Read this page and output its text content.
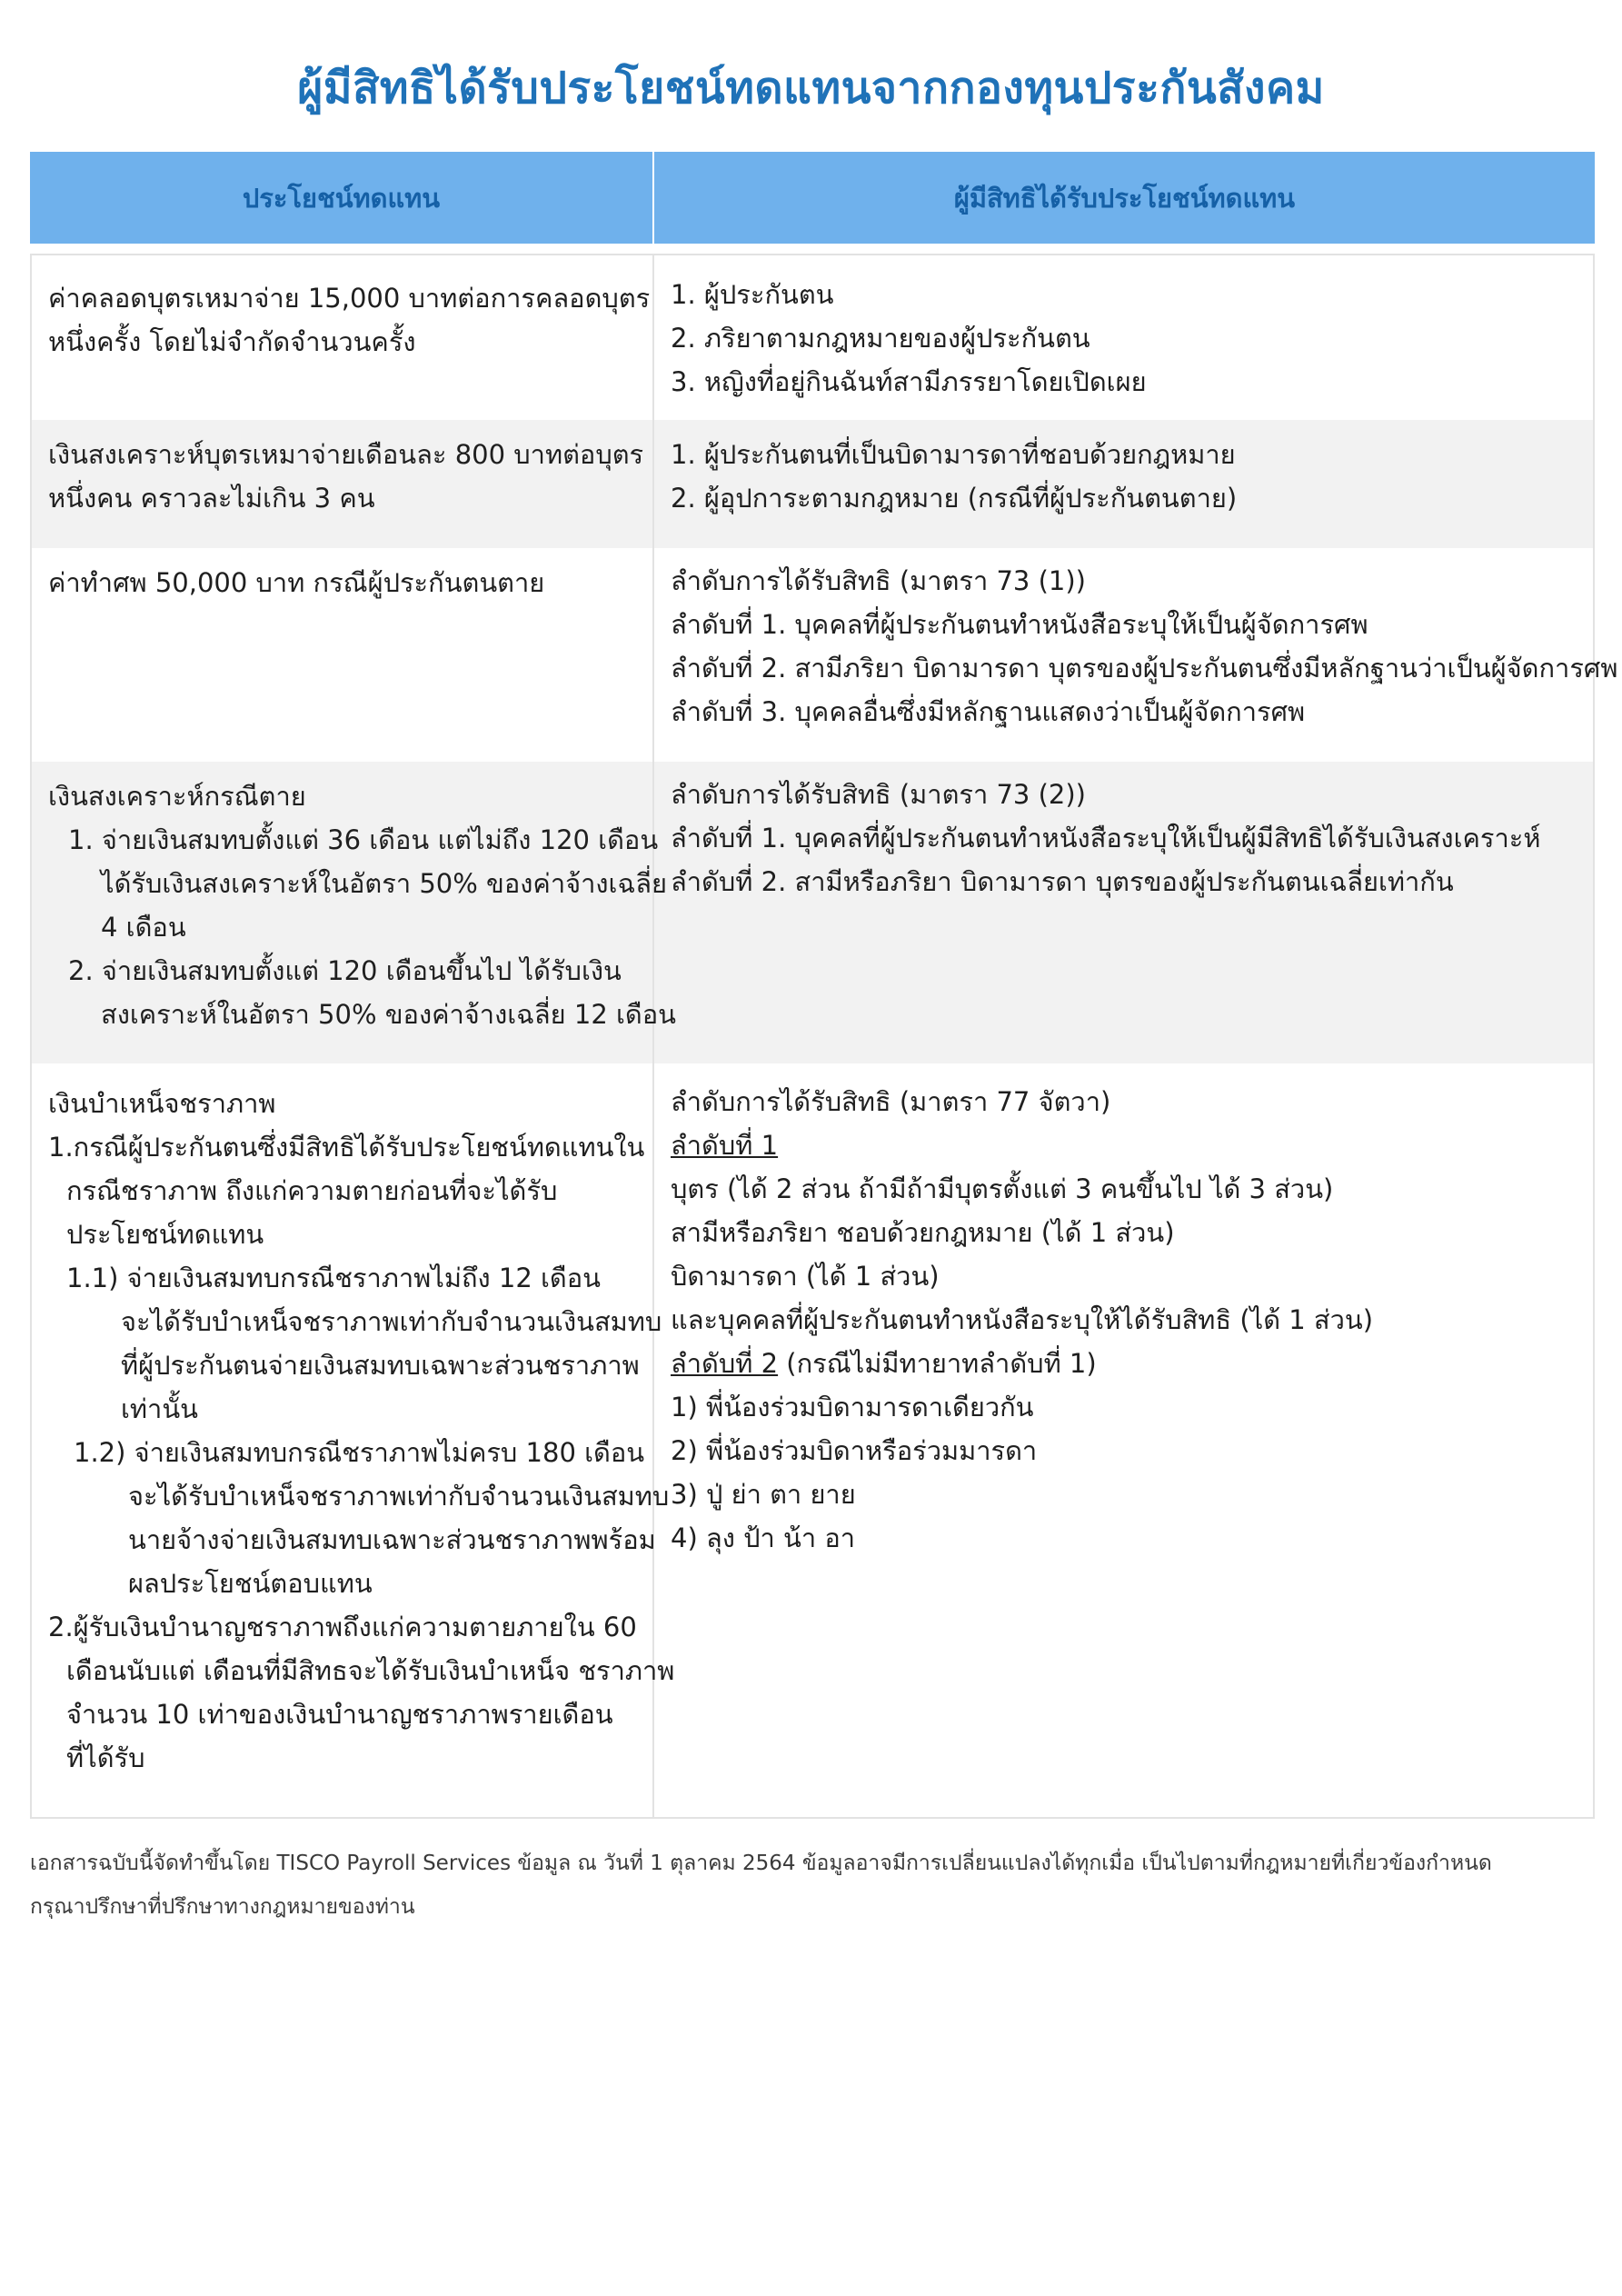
ผู้มีสิทธิได้รับประโยชน์ทดแทนจากกองทุนประกันสังคม
ประโยชน์ทดแทน	ผู้มีสิทธิได้รับประโยชน์ทดแทน
ค่าคลอดบุตรเหมาจ่าย 15,000 บาทต่อการคลอดบุตร
หนึ่งครั้ง โดยไม่จำกัดจำนวนครั้ง
1. ผู้ประกันตน
2. ภริยาตามกฎหมายของผู้ประกันตน
3. หญิงที่อยู่กินฉันท์สามีภรรยาโดยเปิดเผย
เงินสงเคราะห์บุตรเหมาจ่ายเดือนละ 800 บาทต่อบุตร
หนึ่งคน คราวละไม่เกิน 3 คน
1. ผู้ประกันตนที่เป็นบิดามารดาที่ชอบด้วยกฎหมาย
2. ผู้อุปการะตามกฎหมาย (กรณีที่ผู้ประกันตนตาย)
ค่าทำศพ 50,000 บาท กรณีผู้ประกันตนตาย	ลำดับการได้รับสิทธิ (มาตรา 73 (1))
ลำดับที่ 1. บุคคลที่ผู้ประกันตนทำหนังสือระบุให้เป็นผู้จัดการศพ
ลำดับที่ 2. สามีภริยา บิดามารดา บุตรของผู้ประกันตนซึ่งมีหลักฐานว่าเป็นผู้จัดการศพ
ลำดับที่ 3. บุคคลอื่นซึ่งมีหลักฐานแสดงว่าเป็นผู้จัดการศพ
เงินสงเคราะห์กรณีตาย
1. จ่ายเงินสมทบตั้งแต่ 36 เดือน แต่ไม่ถึง 120 เดือน
ได้รับเงินสงเคราะห์ในอัตรา 50% ของค่าจ้างเฉลี่ย
4 เดือน
2. จ่ายเงินสมทบตั้งแต่ 120 เดือนขึ้นไป ได้รับเงิน
สงเคราะห์ในอัตรา 50% ของค่าจ้างเฉลี่ย 12 เดือน
ลำดับการได้รับสิทธิ (มาตรา 73 (2))
ลำดับที่ 1. บุคคลที่ผู้ประกันตนทำหนังสือระบุให้เป็นผู้มีสิทธิได้รับเงินสงเคราะห์
ลำดับที่ 2. สามีหรือภริยา บิดามารดา บุตรของผู้ประกันตนเฉลี่ยเท่ากัน
เงินบำเหน็จชราภาพ
1.กรณีผู้ประกันตนซึ่งมีสิทธิได้รับประโยชน์ทดแทนใน
กรณีชราภาพ ถึงแก่ความตายก่อนที่จะได้รับ
ประโยชน์ทดแทน
1.1) จ่ายเงินสมทบกรณีชราภาพไม่ถึง 12 เดือน
จะได้รับบำเหน็จชราภาพเท่ากับจำนวนเงินสมทบ
ที่ผู้ประกันตนจ่ายเงินสมทบเฉพาะส่วนชราภาพ
เท่านั้น
1.2) จ่ายเงินสมทบกรณีชราภาพไม่ครบ 180 เดือน
จะได้รับบำเหน็จชราภาพเท่ากับจำนวนเงินสมทบ
นายจ้างจ่ายเงินสมทบเฉพาะส่วนชราภาพพร้อม
ผลประโยชน์ตอบแทน
2.ผู้รับเงินบำนาญชราภาพถึงแก่ความตายภายใน 60
เดือนนับแต่ เดือนที่มีสิทธจะได้รับเงินบำเหน็จ ชราภาพ
จำนวน 10 เท่าของเงินบำนาญชราภาพรายเดือน
ที่ได้รับ
ลำดับการได้รับสิทธิ (มาตรา 77 จัตวา)
ลำดับที่ 1
บุตร (ได้ 2 ส่วน ถ้ามีถ้ามีบุตรตั้งแต่ 3 คนขึ้นไป ได้ 3 ส่วน)
สามีหรือภริยา ชอบด้วยกฎหมาย (ได้ 1 ส่วน)
บิดามารดา (ได้ 1 ส่วน)
และบุคคลที่ผู้ประกันตนทำหนังสือระบุให้ได้รับสิทธิ (ได้ 1 ส่วน)
ลำดับที่ 2 (กรณีไม่มีทายาทลำดับที่ 1)
1) พี่น้องร่วมบิดามารดาเดียวกัน
2) พี่น้องร่วมบิดาหรือร่วมมารดา
3) ปู่ ย่า ตา ยาย
4) ลุง ป้า น้า อา
เอกสารฉบับนี้จัดทำขึ้นโดย TISCO Payroll Services ข้อมูล ณ วันที่ 1 ตุลาคม 2564 ข้อมูลอาจมีการเปลี่ยนแปลงได้ทุกเมื่อ เป็นไปตามที่กฎหมายที่เกี่ยวข้องกำหนด
กรุณาปรึกษาที่ปรึกษาทางกฎหมายของท่าน
